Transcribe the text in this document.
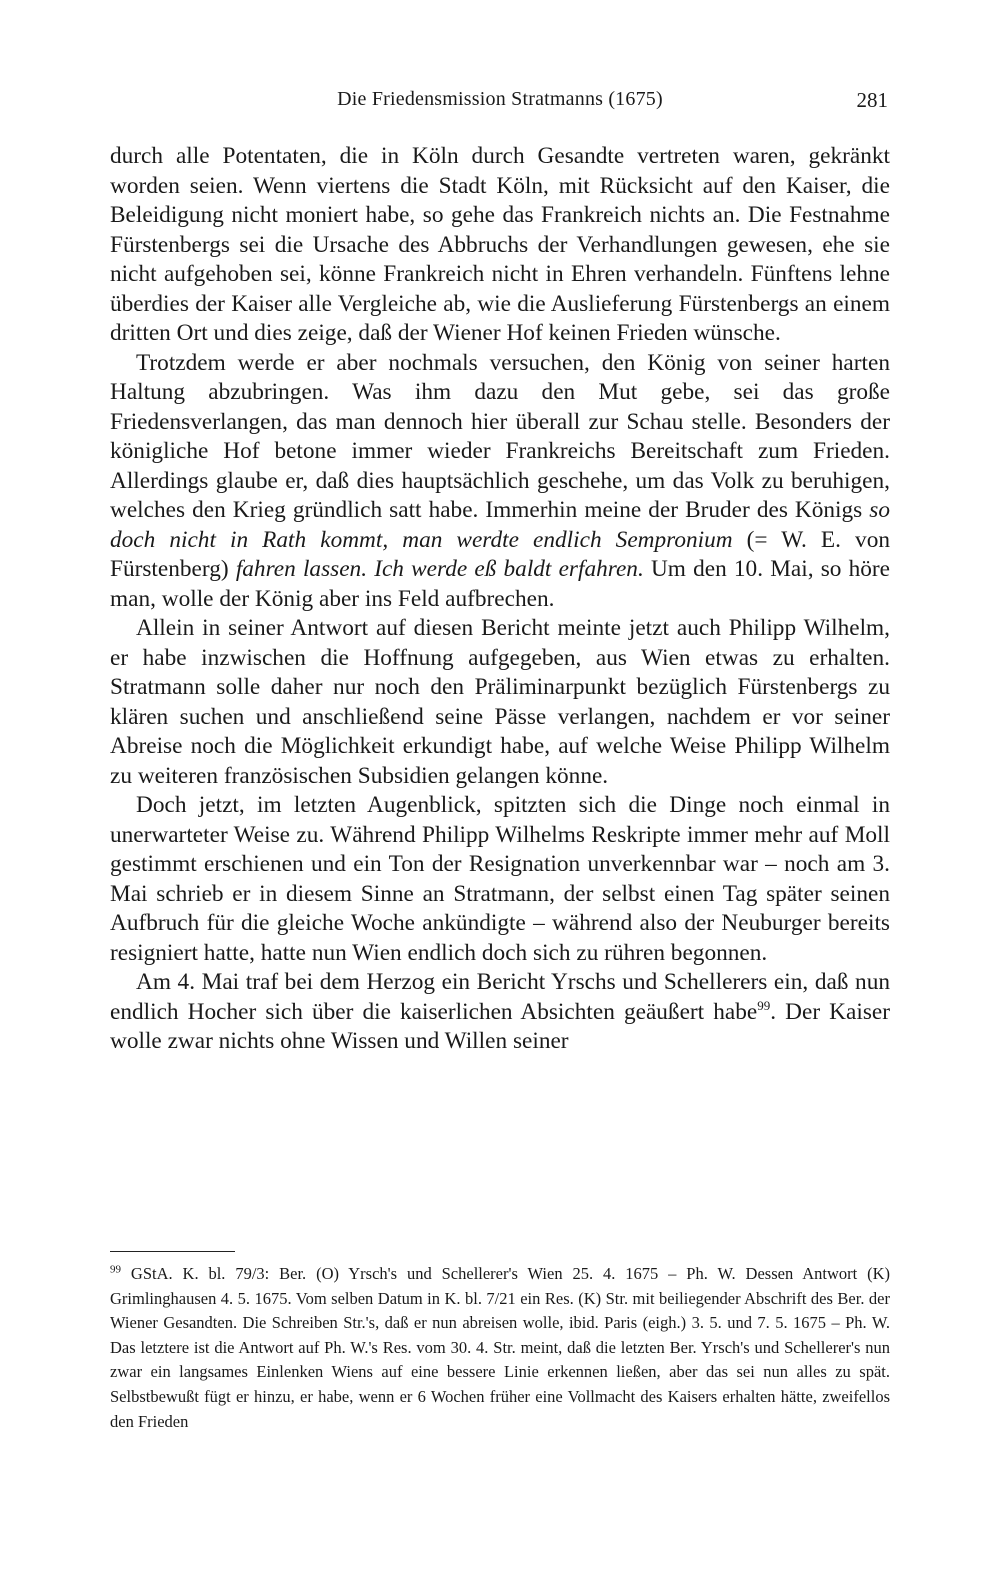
Die Friedensmission Stratmanns (1675)	281

durch alle Potentaten, die in Köln durch Gesandte vertreten waren, gekränkt worden seien. Wenn viertens die Stadt Köln, mit Rücksicht auf den Kaiser, die Beleidigung nicht moniert habe, so gehe das Frankreich nichts an. Die Festnahme Fürstenbergs sei die Ursache des Abbruchs der Verhandlungen gewesen, ehe sie nicht aufgehoben sei, könne Frankreich nicht in Ehren verhandeln. Fünftens lehne überdies der Kaiser alle Vergleiche ab, wie die Auslieferung Fürstenbergs an einem dritten Ort und dies zeige, daß der Wiener Hof keinen Frieden wünsche.

Trotzdem werde er aber nochmals versuchen, den König von seiner harten Haltung abzubringen. Was ihm dazu den Mut gebe, sei das große Friedensverlangen, das man dennoch hier überall zur Schau stelle. Besonders der königliche Hof betone immer wieder Frankreichs Bereitschaft zum Frieden. Allerdings glaube er, daß dies hauptsächlich geschehe, um das Volk zu beruhigen, welches den Krieg gründlich satt habe. Immerhin meine der Bruder des Königs so doch nicht in Rath kommt, man werdte endlich Sempronium (= W. E. von Fürstenberg) fahren lassen. Ich werde eß baldt erfahren. Um den 10. Mai, so höre man, wolle der König aber ins Feld aufbrechen.

Allein in seiner Antwort auf diesen Bericht meinte jetzt auch Philipp Wilhelm, er habe inzwischen die Hoffnung aufgegeben, aus Wien etwas zu erhalten. Stratmann solle daher nur noch den Präliminarpunkt bezüglich Fürstenbergs zu klären suchen und anschließend seine Pässe verlangen, nachdem er vor seiner Abreise noch die Möglichkeit erkundigt habe, auf welche Weise Philipp Wilhelm zu weiteren französischen Subsidien gelangen könne.

Doch jetzt, im letzten Augenblick, spitzten sich die Dinge noch einmal in unerwarteter Weise zu. Während Philipp Wilhelms Reskripte immer mehr auf Moll gestimmt erschienen und ein Ton der Resignation unverkennbar war – noch am 3. Mai schrieb er in diesem Sinne an Stratmann, der selbst einen Tag später seinen Aufbruch für die gleiche Woche ankündigte – während also der Neuburger bereits resigniert hatte, hatte nun Wien endlich doch sich zu rühren begonnen.

Am 4. Mai traf bei dem Herzog ein Bericht Yrschs und Schellerers ein, daß nun endlich Hocher sich über die kaiserlichen Absichten geäußert habe$^{99}$. Der Kaiser wolle zwar nichts ohne Wissen und Willen seiner

$^{99}$ GStA. K. bl. 79/3: Ber. (O) Yrsch's und Schellerer's Wien 25. 4. 1675 – Ph. W. Dessen Antwort (K) Grimlinghausen 4. 5. 1675. Vom selben Datum in K. bl. 7/21 ein Res. (K) Str. mit beiliegender Abschrift des Ber. der Wiener Gesandten. Die Schreiben Str.'s, daß er nun abreisen wolle, ibid. Paris (eigh.) 3. 5. und 7. 5. 1675 – Ph. W. Das letztere ist die Antwort auf Ph. W.'s Res. vom 30. 4. Str. meint, daß die letzten Ber. Yrsch's und Schellerer's nun zwar ein langsames Einlenken Wiens auf eine bessere Linie erkennen ließen, aber das sei nun alles zu spät. Selbstbewußt fügt er hinzu, er habe, wenn er 6 Wochen früher eine Vollmacht des Kaisers erhalten hätte, zweifellos den Frieden
